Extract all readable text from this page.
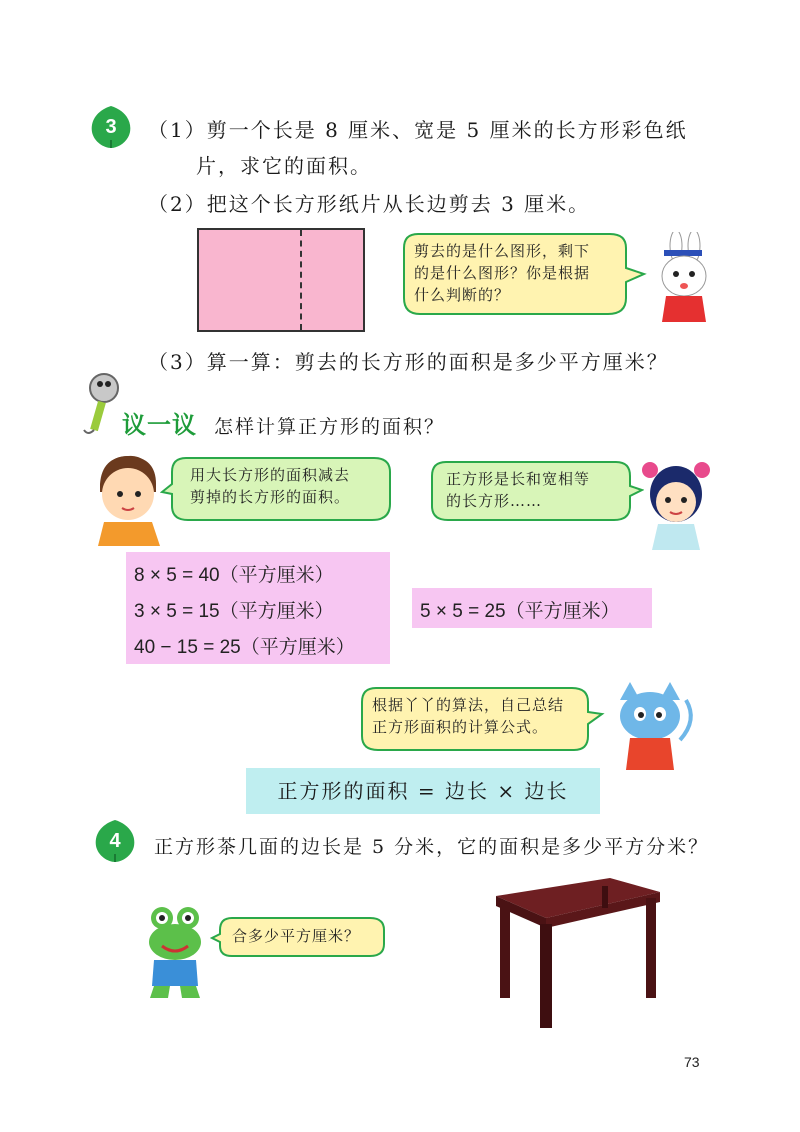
3	（1）剪一个长是 8 厘米、宽是 5 厘米的长方形彩色纸
片，求它的面积。
（2）把这个长方形纸片从长边剪去 3 厘米。
剪去的是什么图形，剩下
的是什么图形？你是根据
什么判断的？
（3）算一算：剪去的长方形的面积是多少平方厘米？
议一议 怎样计算正方形的面积？
用大长方形的面积减去
剪掉的长方形的面积。
正方形是长和宽相等
的长方形……
8 × 5 = 40（平方厘米）
3 × 5 = 15（平方厘米）
40 − 15 = 25（平方厘米）
5 × 5 = 25（平方厘米）
根据丫丫的算法，自己总结
正方形面积的计算公式。
正方形的面积 = 边长 × 边长
4	正方形茶几面的边长是 5 分米，它的面积是多少平方分米？
合多少平方厘米？
73
